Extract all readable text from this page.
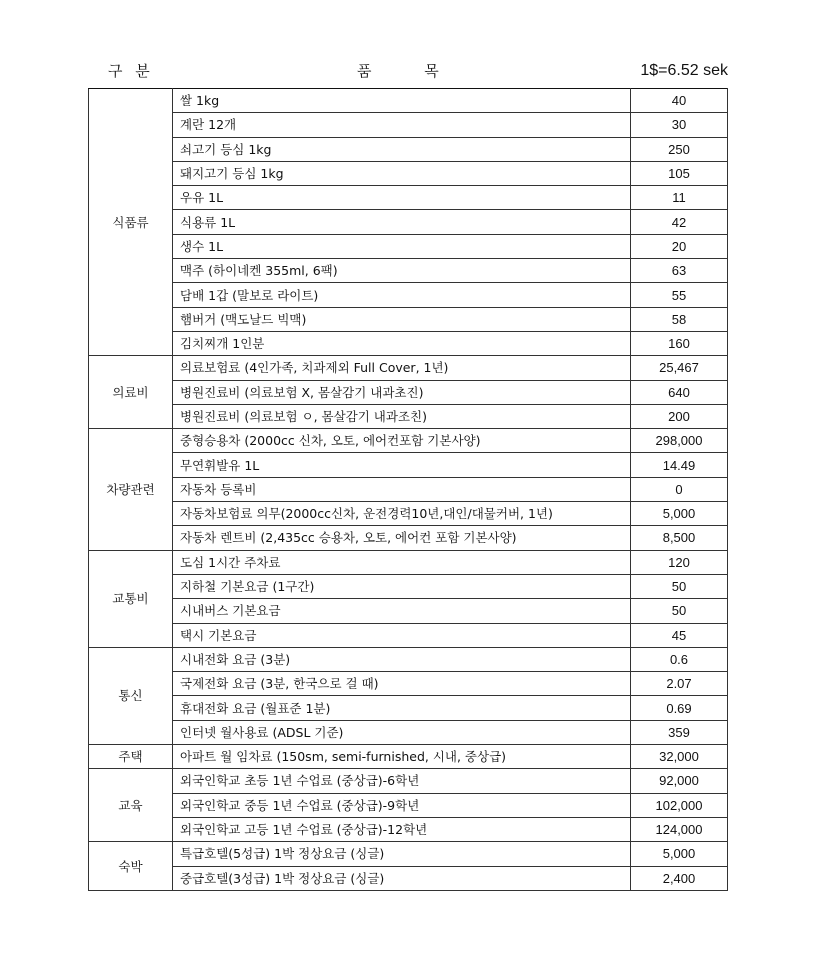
구 분	품 목	1$=6.52 sek
식품류	쌀 1kg	40
	계란 12개	30
	쇠고기 등심 1kg	250
	돼지고기 등심 1kg	105
	우유 1L	11
	식용류 1L	42
	생수 1L	20
	맥주 (하이네켄 355ml, 6팩)	63
	담배 1갑 (말보로 라이트)	55
	햄버거 (맥도날드 빅맥)	58
	김치찌개 1인분	160
의료비	의료보험료 (4인가족, 치과제외 Full Cover, 1년)	25,467
	병원진료비 (의료보험 X, 몸살감기 내과초진)	640
	병원진료비 (의료보험 ㅇ, 몸살감기 내과조친)	200
차량관련	중형승용차 (2000cc 신차, 오토, 에어컨포함 기본사양)	298,000
	무연휘발유 1L	14.49
	자동차 등록비	0
	자동차보험료 의무(2000cc신차, 운전경력10년,대인/대물커버, 1년)	5,000
	자동차 렌트비 (2,435cc 승용차, 오토, 에어컨 포함 기본사양)	8,500
교통비	도심 1시간 주차료	120
	지하철 기본요금 (1구간)	50
	시내버스 기본요금	50
	택시 기본요금	45
통신	시내전화 요금 (3분)	0.6
	국제전화 요금 (3분, 한국으로 걸 때)	2.07
	휴대전화 요금 (월표준 1분)	0.69
	인터넷 월사용료 (ADSL 기준)	359
주택	아파트 월 임차료 (150sm, semi-furnished, 시내, 중상급)	32,000
교육	외국인학교 초등 1년 수업료 (중상급)-6학년	92,000
	외국인학교 중등 1년 수업료 (중상급)-9학년	102,000
	외국인학교 고등 1년 수업료 (중상급)-12학년	124,000
숙박	특급호텔(5성급) 1박 정상요금 (싱글)	5,000
	중급호텔(3성급) 1박 정상요금 (싱글)	2,400
